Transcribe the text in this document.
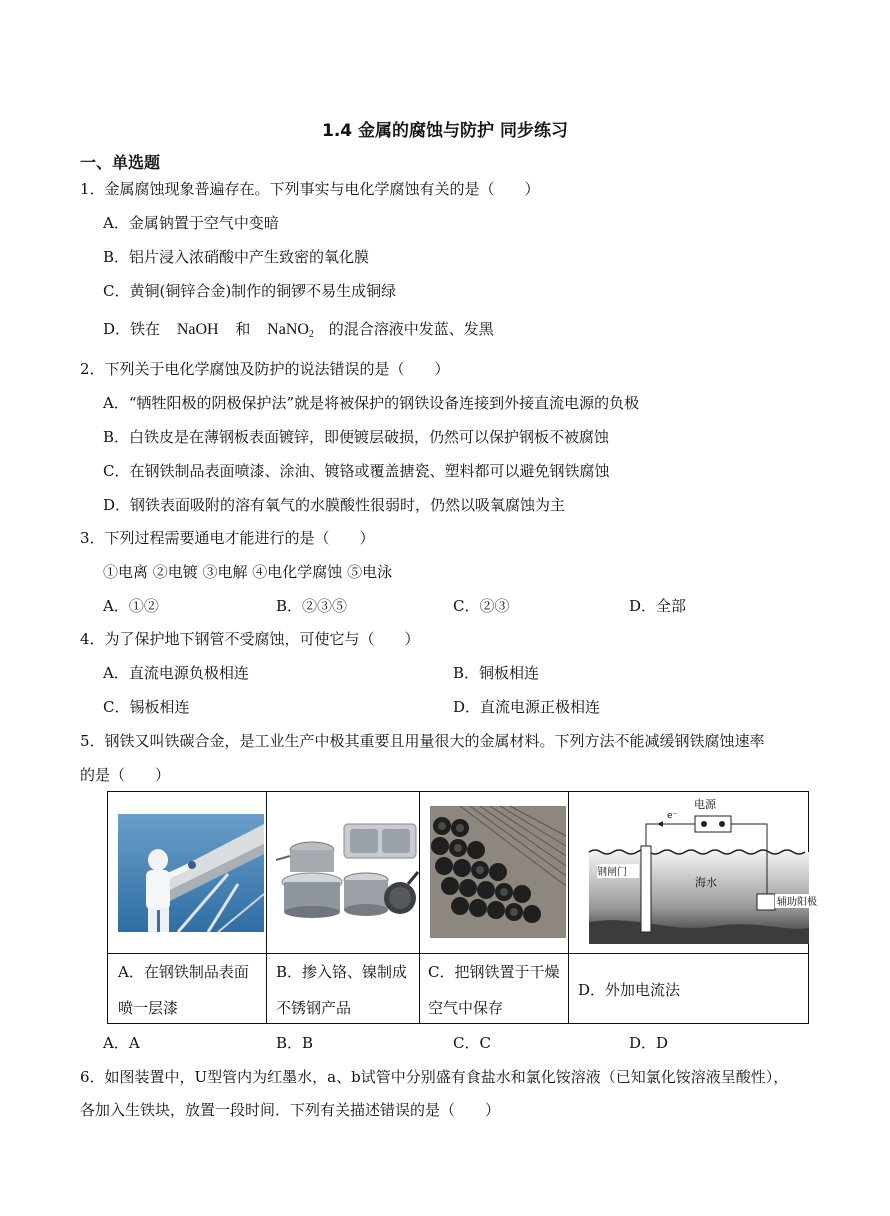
1.4 金属的腐蚀与防护 同步练习
一、单选题
1．金属腐蚀现象普遍存在。下列事实与电化学腐蚀有关的是（　　）
A．金属钠置于空气中变暗
B．铝片浸入浓硝酸中产生致密的氧化膜
C．黄铜(铜锌合金)制作的铜锣不易生成铜绿
D．铁在 NaOH 和 NaNO$_2$ 的混合溶液中发蓝、发黑
2．下列关于电化学腐蚀及防护的说法错误的是（　　）
A．“牺牲阳极的阴极保护法”就是将被保护的钢铁设备连接到外接直流电源的负极
B．白铁皮是在薄钢板表面镀锌，即便镀层破损，仍然可以保护钢板不被腐蚀
C．在钢铁制品表面喷漆、涂油、镀铬或覆盖搪瓷、塑料都可以避免钢铁腐蚀
D．钢铁表面吸附的溶有氧气的水膜酸性很弱时，仍然以吸氧腐蚀为主
3．下列过程需要通电才能进行的是（　　）
①电离 ②电镀 ③电解 ④电化学腐蚀 ⑤电泳
A．①②	B．②③⑤	C．②③	D．全部
4．为了保护地下钢管不受腐蚀，可使它与（　　）
A．直流电源负极相连	B．铜板相连
C．锡板相连	D．直流电源正极相连
5．钢铁又叫铁碳合金，是工业生产中极其重要且用量很大的金属材料。下列方法不能减缓钢铁腐蚀速率
的是（　　）
电源
e⁻
钢闸门
海水
辅助阳极
A．在钢铁制品表面
喷一层漆
B．掺入铬、镍制成
不锈钢产品
C．把钢铁置于干燥
空气中保存
D．外加电流法
A．A	B．B	C．C	D．D
6．如图装置中，U型管内为红墨水，a、b试管中分别盛有食盐水和氯化铵溶液（已知氯化铵溶液呈酸性），
各加入生铁块，放置一段时间．下列有关描述错误的是（　　）
